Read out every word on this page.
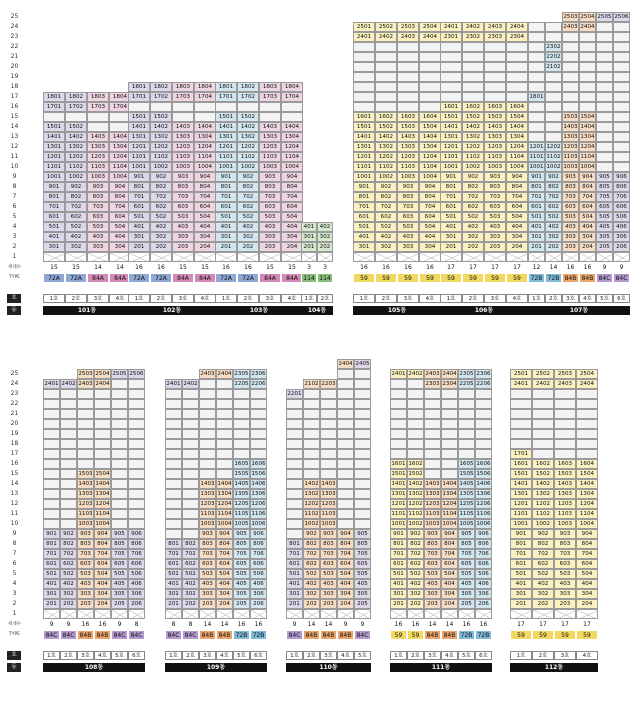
25
24
23
22
21
20
19
18
17
16
15
14
13
12
11
10
9
8
7
6
5
4
3
2
1
세대수
TYPE
호
동
1801
1701
1501
1401
1301
1201
1101
1001
901
801
701
601
501
401
301
15
72A
1호
1802
1702
1502
1402
1302
1202
1102
1002
902
802
702
602
502
402
302
15
72A
2호
1803
1703
1403
1303
1203
1103
1003
903
803
703
603
503
403
303
14
84A
3호
1804
1704
1404
1304
1204
1104
1004
904
804
704
604
504
404
304
14
84A
4호
101동
1801
1701
1501
1401
1301
1201
1101
1001
901
801
701
601
501
401
301
201
16
72A
1호
1802
1702
1502
1402
1302
1202
1102
1002
902
802
702
602
502
402
302
202
16
72A
2호
1803
1703
1403
1303
1203
1103
1003
903
803
703
603
503
403
303
203
15
84A
3호
1804
1704
1404
1304
1204
1104
1004
904
804
704
604
504
404
304
204
15
84A
4호
102동
1801
1701
1501
1401
1301
1201
1101
1001
901
801
701
601
501
401
301
201
16
72A
1호
1802
1702
1502
1402
1302
1202
1102
1002
902
802
702
602
502
402
302
202
16
72A
2호
1803
1703
1403
1303
1203
1103
1003
903
803
703
603
503
403
303
203
15
84A
3호
1804
1704
1404
1304
1204
1104
1004
904
804
704
604
504
404
304
204
15
84A
4호
103동
401
301
201
3
114
1호
402
302
202
3
114
2호
104동
2501
2401
1601
1501
1401
1301
1201
1101
1001
901
801
701
601
501
401
301
16
59
1호
2502
2402
1602
1502
1402
1302
1202
1102
1002
902
802
702
602
502
402
302
16
59
2호
2503
2403
1603
1503
1403
1303
1203
1103
1003
903
803
703
603
503
403
303
16
59
3호
2504
2404
1604
1504
1404
1304
1204
1104
1004
904
804
704
604
504
404
304
16
59
4호
105동
2401
2301
1601
1501
1401
1301
1201
1101
1001
901
801
701
601
501
401
301
201
17
59
1호
2402
2302
1602
1502
1402
1302
1202
1102
1002
902
802
702
602
502
402
302
202
17
59
2호
2403
2303
1603
1503
1403
1303
1203
1103
1003
903
803
703
603
503
403
303
203
17
59
3호
2404
2304
1604
1504
1404
1304
1204
1104
1004
904
804
704
604
504
404
304
204
17
59
4호
106동
1801
1201
1101
1001
901
801
701
601
501
401
301
201
12
72B
1호
2302
2202
2102
1202
1102
1002
902
802
702
602
502
402
302
202
14
72B
2호
2503
2403
1503
1403
1303
1203
1103
1003
903
803
703
603
503
403
303
203
16
84B
3호
2504
2404
1504
1404
1304
1204
1104
1004
904
804
704
604
504
404
304
204
16
84B
4호
2505
905
805
705
605
505
405
305
205
9
84C
5호
2506
906
806
706
606
506
406
306
206
9
84C
6호
107동
25
24
23
22
21
20
19
18
17
16
15
14
13
12
11
10
9
8
7
6
5
4
3
2
1
세대수
TYPE
호
동
2401
901
801
701
601
501
401
301
201
9
84C
1호
2402
902
802
702
602
502
402
302
202
9
84C
2호
2503
2403
1503
1403
1303
1203
1103
1003
903
803
703
603
503
403
303
203
16
84B
3호
2504
2404
1504
1404
1304
1204
1104
1004
904
804
704
604
504
404
304
204
16
84B
4호
2505
905
805
705
605
505
405
305
205
9
84C
5호
2506
906
806
706
606
506
406
306
206
8
84C
6호
108동
2401
801
701
601
501
401
301
201
8
84C
1호
2402
802
702
602
502
402
302
202
8
84C
2호
2403
1403
1303
1203
1103
1003
903
803
703
603
503
403
303
203
14
84B
3호
2404
1404
1304
1204
1104
1004
904
804
704
604
504
404
304
204
14
84B
4호
2305
2205
1605
1505
1405
1305
1205
1105
1005
905
805
705
605
505
405
305
205
16
72B
5호
2306
2206
1606
1506
1406
1306
1206
1106
1006
906
806
706
606
506
406
306
206
16
72B
6호
109동
2201
801
701
601
501
401
301
201
9
84C
1호
2102
1402
1302
1202
1102
1002
902
802
702
602
502
402
302
202
14
84B
2호
2203
1403
1303
1203
1103
1003
903
803
703
603
503
403
303
203
14
84B
3호
2404
904
804
704
604
504
404
304
204
9
84B
4호
2405
905
805
705
605
505
405
305
205
9
84C
5호
110동
2401
1601
1501
1401
1301
1201
1101
1001
901
801
701
601
501
401
301
201
16
59
1호
2402
1602
1502
1402
1302
1202
1102
1002
902
802
702
602
502
402
302
202
16
59
2호
2403
2303
1403
1303
1203
1103
1003
903
803
703
603
503
403
303
203
14
84B
3호
2404
2304
1404
1304
1204
1104
1004
904
804
704
604
504
404
304
204
14
84B
4호
2305
2205
1605
1505
1405
1305
1205
1105
1005
905
805
705
605
505
405
305
205
16
72B
5호
2306
2206
1606
1506
1406
1306
1206
1106
1006
906
806
706
606
506
406
306
206
16
72B
6호
111동
2501
2401
1701
1601
1501
1401
1301
1201
1101
1001
901
801
701
601
501
401
301
201
17
59
1호
2502
2402
1602
1502
1402
1302
1202
1102
1002
902
802
702
602
502
402
302
202
17
59
2호
2503
2403
1603
1503
1403
1303
1203
1103
1003
903
803
703
603
503
403
303
203
17
59
3호
2504
2404
1604
1504
1404
1304
1204
1104
1004
904
804
704
604
504
404
304
204
17
59
4호
112동
